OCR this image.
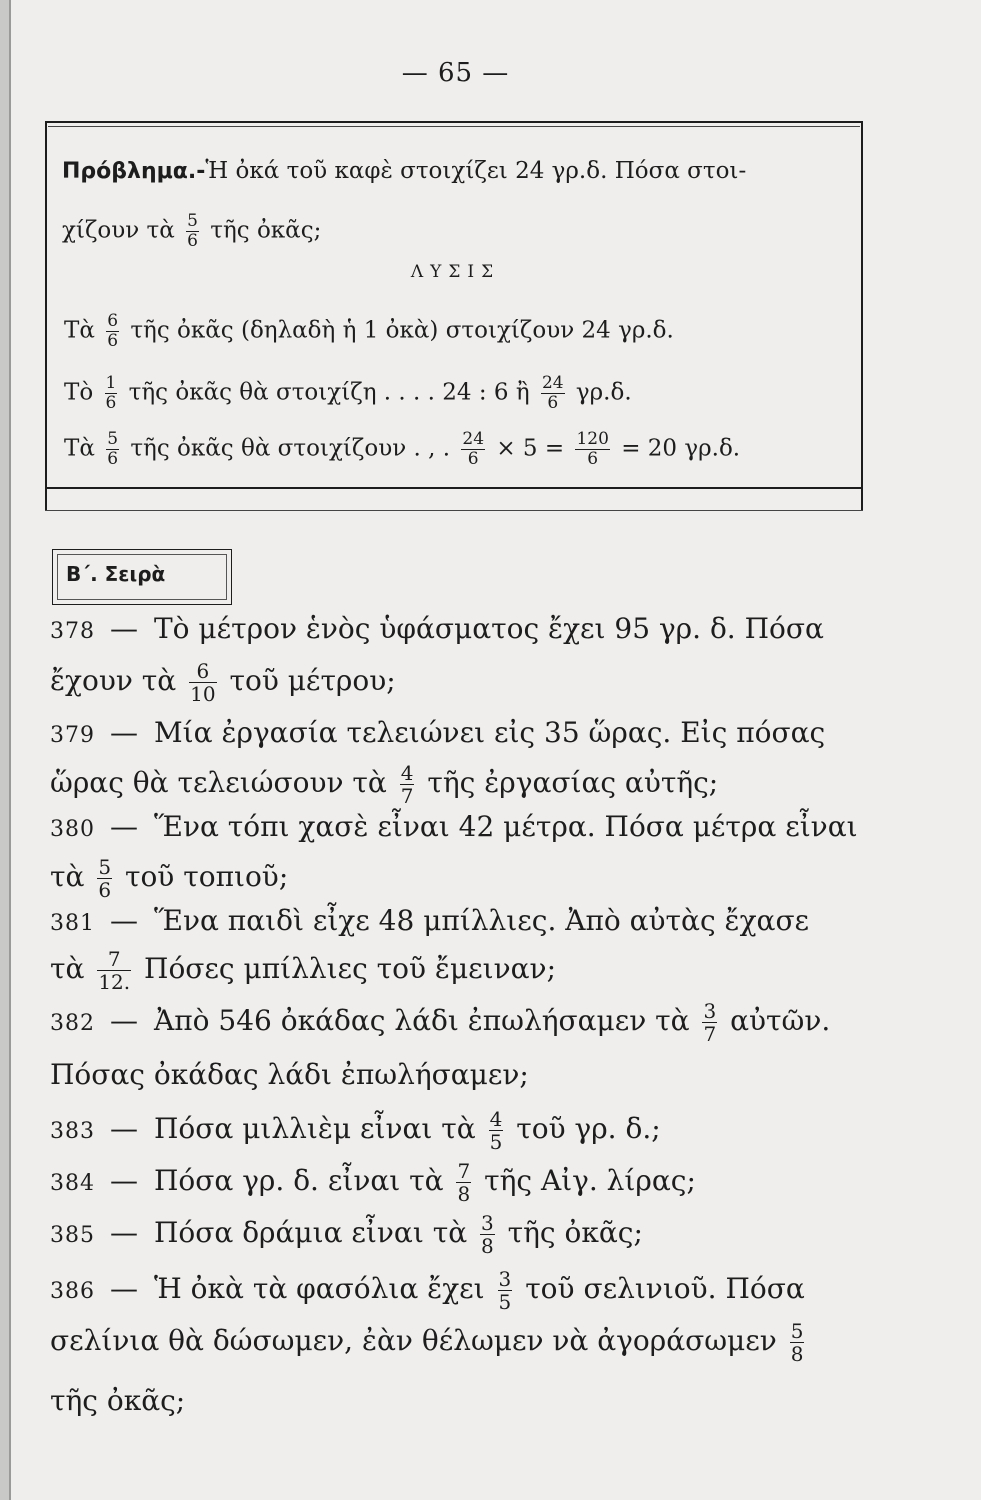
— 65 —
Πρόβλημα.-Ἡ ὀκά τοῦ καφὲ στοιχίζει 24 γρ.δ. Πόσα στοι-
χίζουν τὰ $\frac{5}{6}$ τῆς ὀκᾶς;
ΛΥΣΙΣ
Τὰ $\frac{6}{6}$ τῆς ὀκᾶς (δηλαδὴ ἡ 1 ὀκὰ) στοιχίζουν 24 γρ.δ.
Τὸ $\frac{1}{6}$ τῆς ὀκᾶς θὰ στοιχίζη . . . . 24 : 6 ἢ $\frac{24}{6} \gamma\rho.\delta$.
Τὰ $\frac{5}{6}$ τῆς ὀκᾶς θὰ στοιχίζουν . , . $\frac{24}{6} \times 5 = \frac{120}{6} = 20$ γρ.δ.
Β΄. Σειρὰ
378 — Τὸ μέτρον ἑνὸς ὑφάσματος ἔχει 95 γρ. δ. Πόσα
ἔχουν τὰ $\frac{6}{10}$ τοῦ μέτρου;
379 — Μία ἐργασία τελειώνει εἰς 35 ὥρας. Εἰς πόσας
ὥρας θὰ τελειώσουν τὰ $\frac{4}{7}$ τῆς ἐργασίας αὐτῆς;
380 — Ἕνα τόπι χασὲ εἶναι 42 μέτρα. Πόσα μέτρα εἶναι
τὰ $\frac{5}{6}$ τοῦ τοπιοῦ;
381 — Ἕνα παιδὶ εἶχε 48 μπίλλιες. Ἀπὸ αὐτὰς ἔχασε
τὰ $\frac{7}{12.}$ Πόσες μπίλλιες τοῦ ἔμειναν;
382 — Ἀπὸ 546 ὀκάδας λάδι ἐπωλήσαμεν τὰ $\frac{3}{7}$ αὐτῶν.
Πόσας ὀκάδας λάδι ἐπωλήσαμεν;
383 — Πόσα μιλλιὲμ εἶναι τὰ $\frac{4}{5}$ τοῦ γρ. δ.;
384 — Πόσα γρ. δ. εἶναι τὰ $\frac{7}{8}$ τῆς Αἰγ. λίρας;
385 — Πόσα δράμια εἶναι τὰ $\frac{3}{8}$ τῆς ὀκᾶς;
386 — Ἡ ὀκὰ τὰ φασόλια ἔχει $\frac{3}{5}$ τοῦ σελινιοῦ. Πόσα
σελίνια θὰ δώσωμεν, ἐὰν θέλωμεν νὰ ἀγοράσωμεν $\frac{5}{8}$
τῆς ὀκᾶς;
